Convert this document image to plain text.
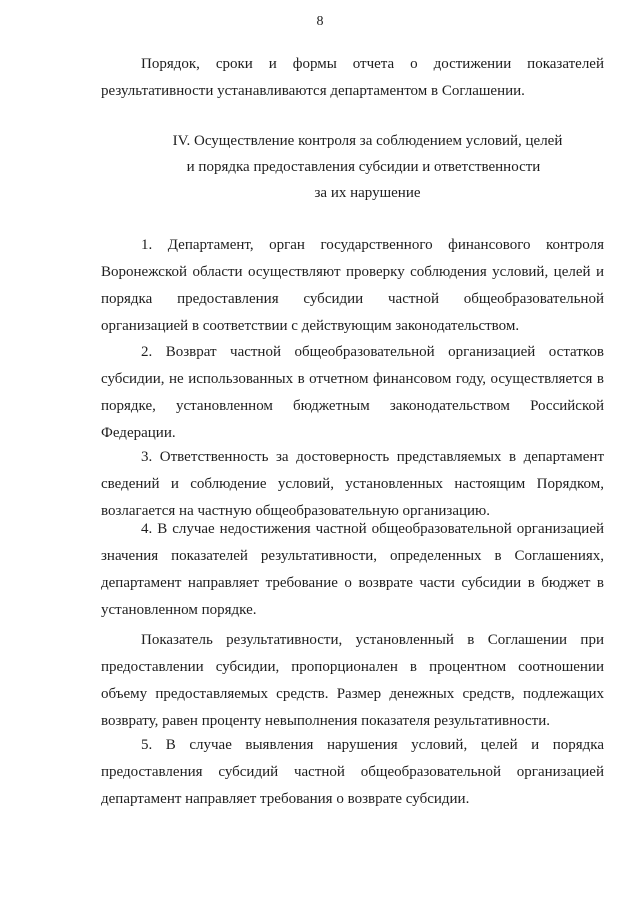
8
Порядок, сроки и формы отчета о достижении показателей результативности устанавливаются департаментом в Соглашении.
IV. Осуществление контроля за соблюдением условий, целей
и порядка предоставления субсидии и ответственности
за их нарушение
1. Департамент, орган государственного финансового контроля Воронежской области осуществляют проверку соблюдения условий, целей и порядка предоставления субсидии частной общеобразовательной организацией в соответствии с действующим законодательством.
2. Возврат частной общеобразовательной организацией остатков субсидии, не использованных в отчетном финансовом году, осуществляется в порядке, установленном бюджетным законодательством Российской Федерации.
3. Ответственность за достоверность представляемых в департамент сведений и соблюдение условий, установленных настоящим Порядком, возлагается на частную общеобразовательную организацию.
4. В случае недостижения частной общеобразовательной организацией значения показателей результативности, определенных в Соглашениях, департамент направляет требование о возврате части субсидии в бюджет в установленном порядке.
Показатель результативности, установленный в Соглашении при предоставлении субсидии, пропорционален в процентном соотношении объему предоставляемых средств. Размер денежных средств, подлежащих возврату, равен проценту невыполнения показателя результативности.
5. В случае выявления нарушения условий, целей и порядка предоставления субсидий частной общеобразовательной организацией департамент направляет требования о возврате субсидии.
